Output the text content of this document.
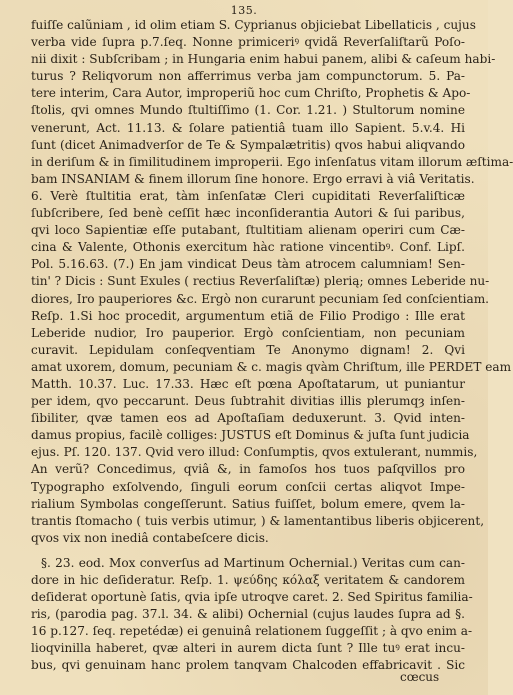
135.
fuiſſe calũniam , id olim etiam S. Cyprianus objiciebat Libellaticis , cujus
verba vide ſupra p.7.ſeq. Nonne primiceriꝰ qvidã Reverſaliſtarũ Poſo-
nii dixit : Subſcribam ; in Hungaria enim habui panem, alibi & caſeum habi-
turus ? Reliqvorum non afferrimus verba jam compunctorum. 5. Pa-
tere interim, Cara Autor, improperiũ hoc cum Chriſto, Prophetis & Apo-
ſtolis, qvi omnes Mundo ſtultiſſimo (1. Cor. 1.21. ) Stultorum nomine
venerunt, Act. 11.13. & ſolare patientiâ tuam illo Sapient. 5.v.4. Hi
ſunt (dicet Animadverſor de Te & Sympalætritis) qvos habui aliqvando
in deriſum & in ſimilitudinem improperii. Ego inſenſatus vitam illorum æſtima-
bam INSANIAM & finem illorum ſine honore. Ergo erravi à viâ Veritatis.
6. Verè ſtultitia erat, tàm inſenſatæ Cleri cupiditati Reverſaliſticæ
ſubſcribere, ſed benè ceſſit hæc inconſiderantia Autori & ſui paribus,
qvi loco Sapientiæ eſſe putabant, ſtultitiam alienam operiri cum Cæ-
cina & Valente, Othonis exercitum hàc ratione vincentibꝰ. Conf. Lipſ.
Pol. 5.16.63. (7.) En jam vindicat Deus tàm atrocem calumniam! Sen-
tin' ? Dicis : Sunt Exules ( rectius Reverſaliſtæ) plerią; omnes Leberide nu-
diores, Iro pauperiores &c. Ergò non curarunt pecuniam ſed conſcientiam.
Reſp. 1.Si hoc procedit, argumentum etiã de Filio Prodigo : Ille erat
Leberide nudior, Iro pauperior. Ergò conſcientiam, non pecuniam
curavit. Lepidulam conſeqventiam Te Anonymo dignam! 2. Qvi
amat uxorem, domum, pecuniam & c. magis qvàm Chriſtum, ille PERDET eam
Matth. 10.37. Luc. 17.33. Hæc eſt pœna Apoſtatarum, ut puniantur
per idem, qvo peccarunt. Deus ſubtrahit divitias illis plerumqȝ inſen-
ſibiliter, qvæ tamen eos ad Apoſtaſiam deduxerunt. 3. Qvid inten-
damus propius, facilè colliges: JUSTUS eſt Dominus & juſta ſunt judicia
ejus. Pſ. 120. 137. Qvid vero illud: Conſumptis, qvos extulerant, nummis,
An verũ? Concedimus, qviâ &, in famoſos hos tuos paſqvillos pro
Typographo exſolvendo, ſinguli eorum conſcii certas aliqvot Impe-
rialium Symbolas congeſſerunt. Satius fuiſſet, bolum emere, qvem la-
trantis ſtomacho ( tuis verbis utimur, ) & lamentantibus liberis objicerent,
qvos vix non inediâ contabeſcere dicis.
§. 23. eod. Mox converſus ad Martinum Ochernial.) Veritas cum can-
dore in hic deſideratur. Reſp. 1. ψεύδης κόλαξ veritatem & candorem
deſiderat oportunè ſatis, qvia ipſe utroqve caret. 2. Sed Spiritus familia-
ris, (parodia pag. 37.l. 34. & alibi) Ochernial (cujus laudes ſupra ad §.
16 p.127. ſeq. repetédæ) ei genuinâ relationem ſuggeſſit ; à qvo enim a-
lioqvinilla haberet, qvæ alteri in aurem dicta ſunt ? Ille tuꝰ erat incu-
bus, qvi genuinam hanc prolem tanqvam Chalcoden effabricavit . Sic
cœcus
